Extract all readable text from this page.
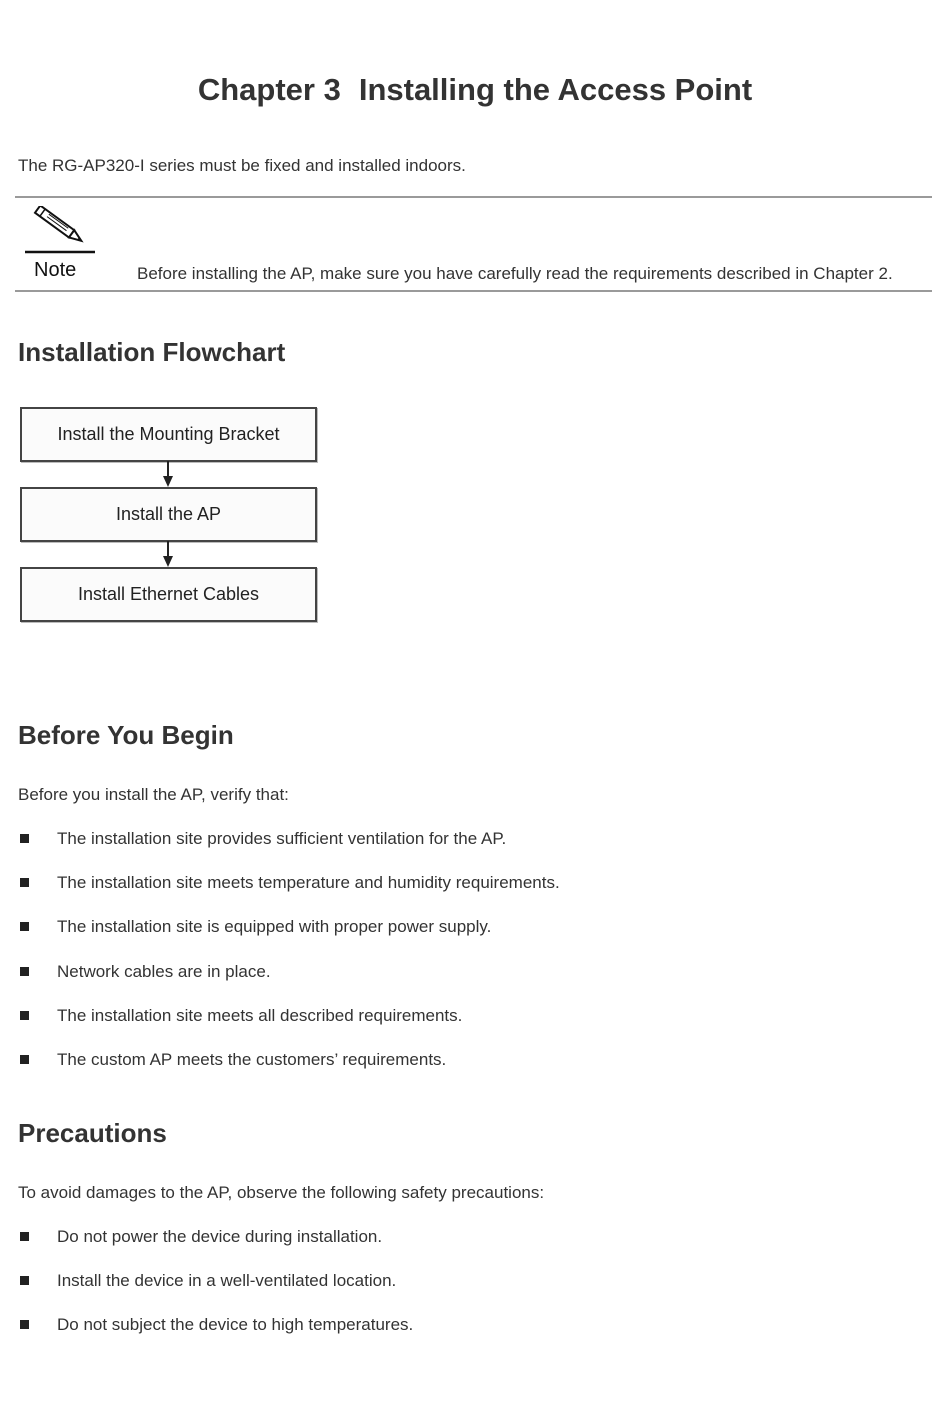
Chapter 3 Installing the Access Point

The RG-AP320-I series must be fixed and installed indoors.

Note	Before installing the AP, make sure you have carefully read the requirements described in Chapter 2.

Installation Flowchart
Install the Mounting Bracket
Install the AP
Install Ethernet Cables
Before You Begin

Before you install the AP, verify that:

The installation site provides sufficient ventilation for the AP.
The installation site meets temperature and humidity requirements.
The installation site is equipped with proper power supply.
Network cables are in place.
The installation site meets all described requirements.
The custom AP meets the customers’ requirements.
Precautions

To avoid damages to the AP, observe the following safety precautions:

Do not power the device during installation.
Install the device in a well-ventilated location.
Do not subject the device to high temperatures.
